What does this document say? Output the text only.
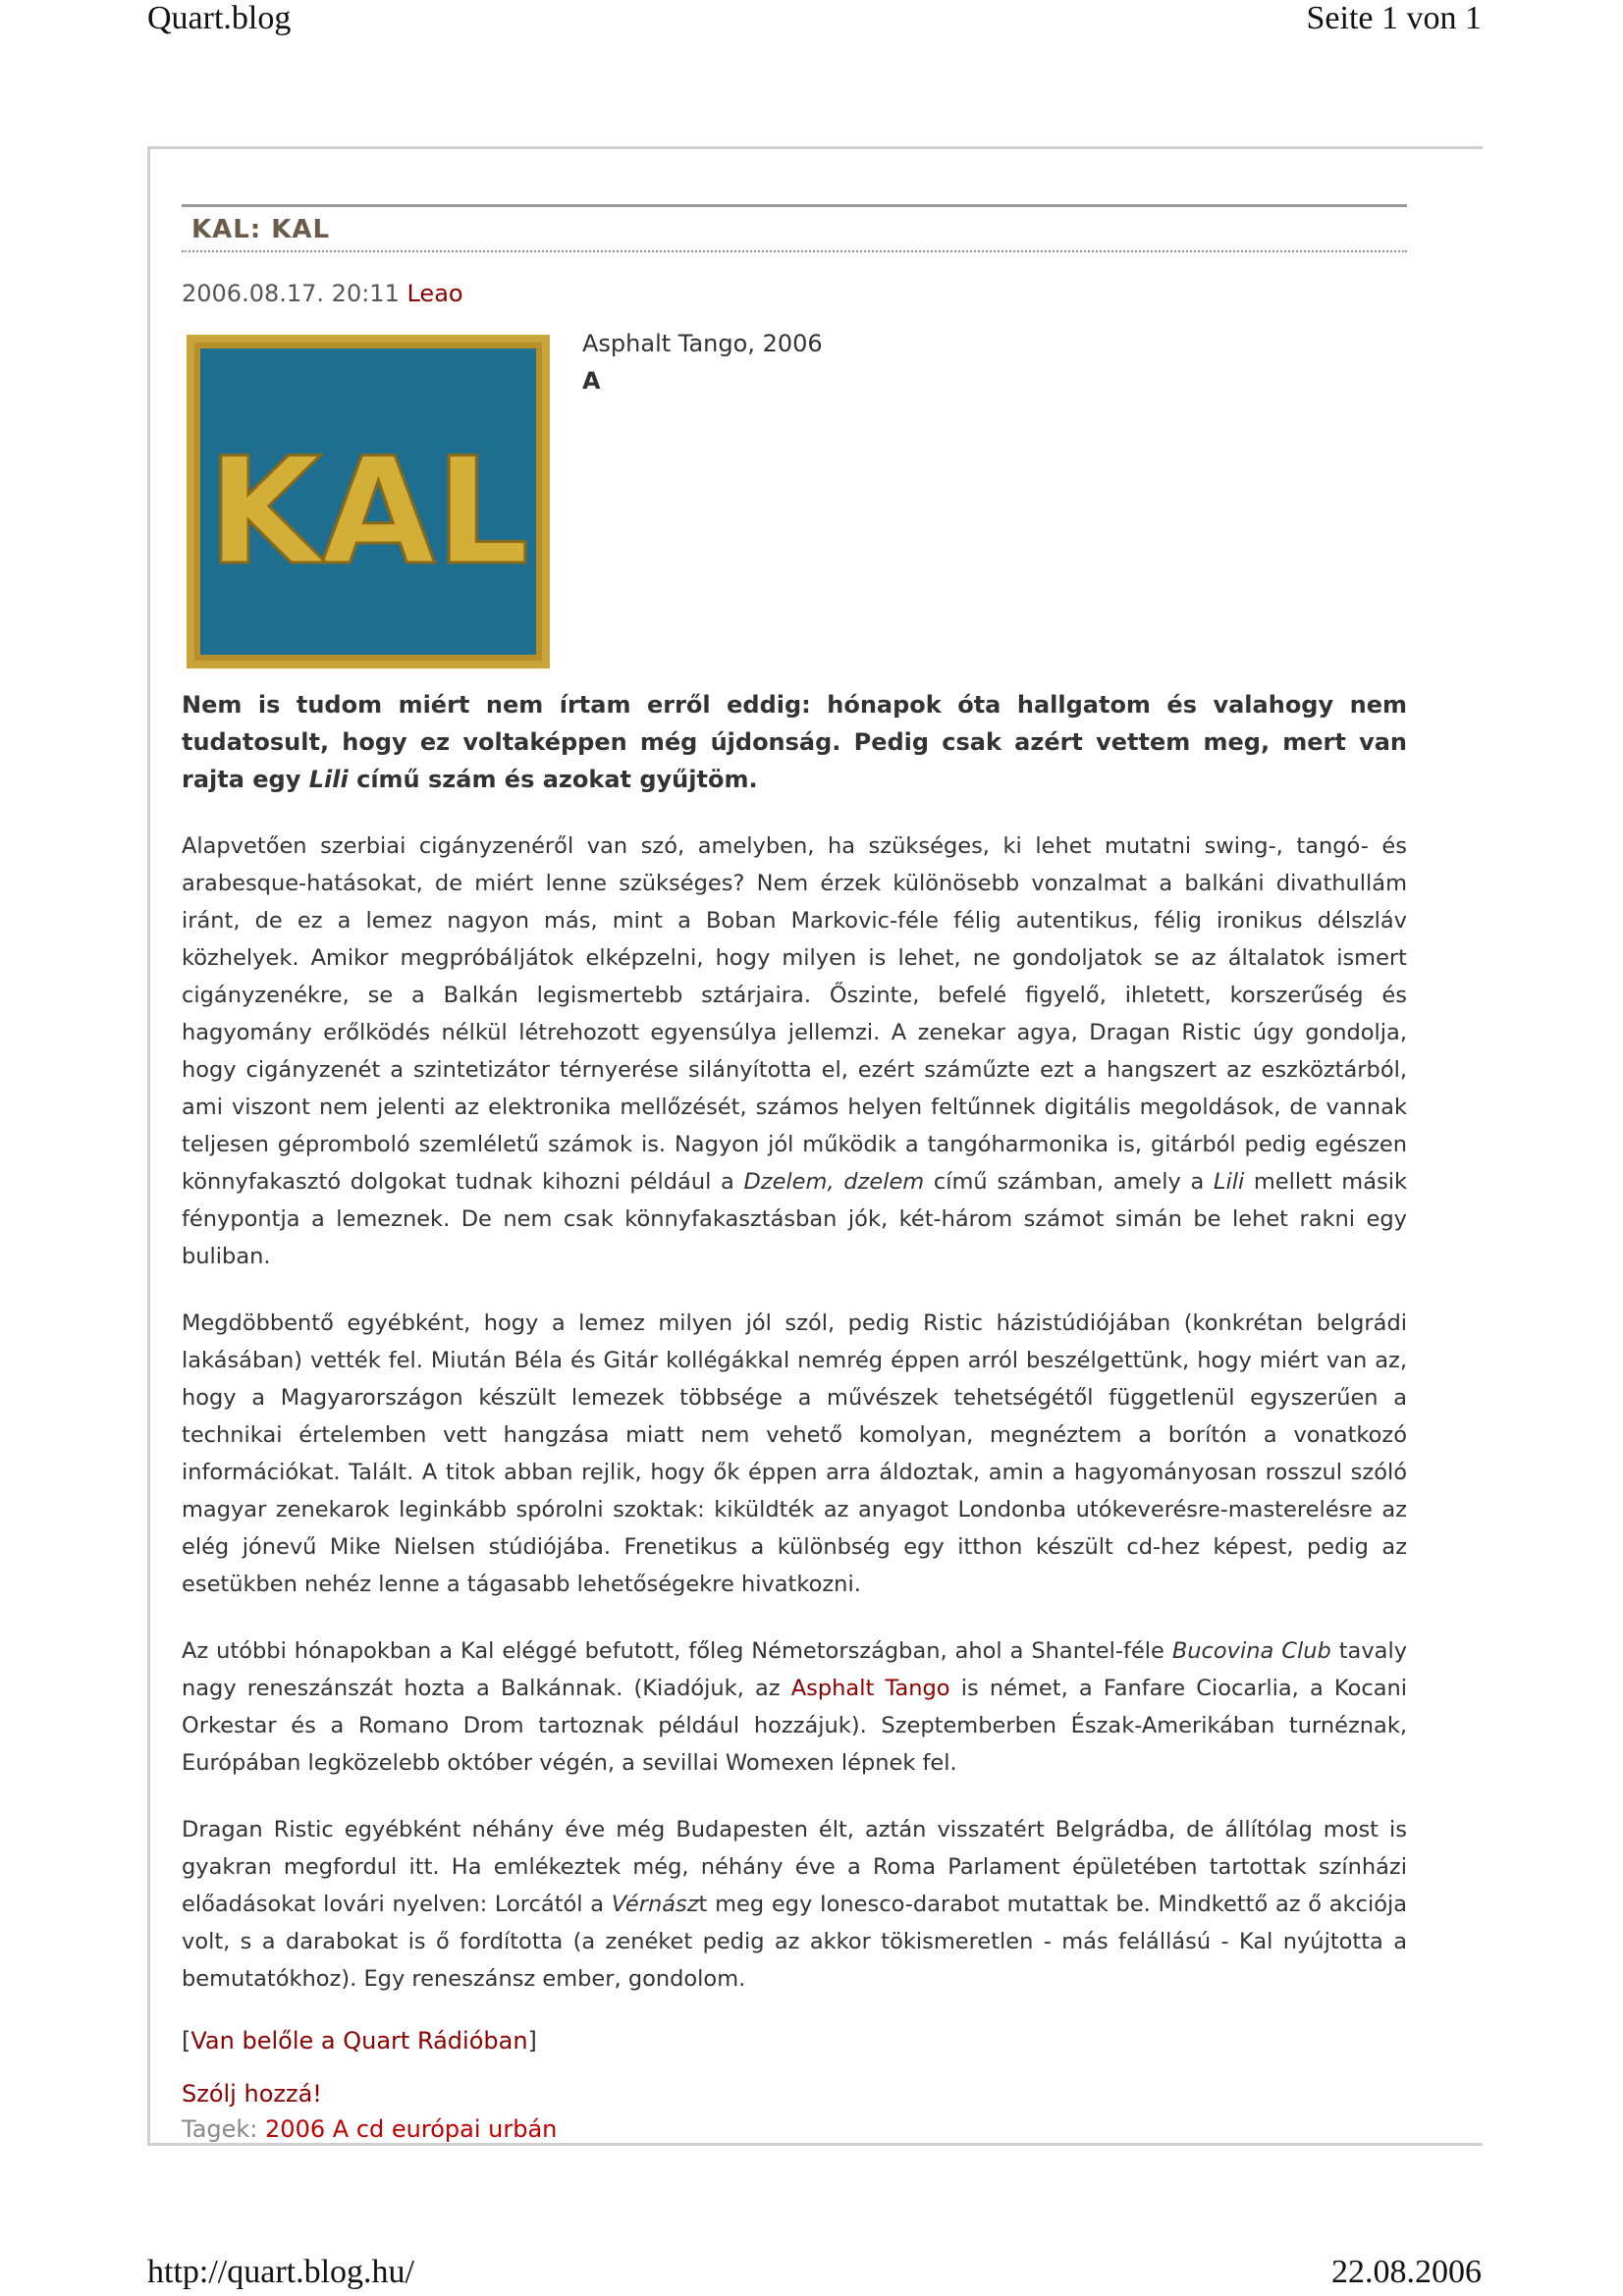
Quart.blog	Seite 1 von 1
KAL: KAL
2006.08.17. 20:11 Leao
KAL
Asphalt Tango, 2006
A
Nem is tudom miért nem írtam erről eddig: hónapok óta hallgatom és valahogy nem tudatosult, hogy ez voltaképpen még újdonság. Pedig csak azért vettem meg, mert van rajta egy Lili című szám és azokat gyűjtöm.
Alapvetően szerbiai cigányzenéről van szó, amelyben, ha szükséges, ki lehet mutatni swing-, tangó- és arabesque-hatásokat, de miért lenne szükséges? Nem érzek különösebb vonzalmat a balkáni divathullám iránt, de ez a lemez nagyon más, mint a Boban Markovic-féle félig autentikus, félig ironikus délszláv közhelyek. Amikor megpróbáljátok elképzelni, hogy milyen is lehet, ne gondoljatok se az általatok ismert cigányzenékre, se a Balkán legismertebb sztárjaira. Őszinte, befelé figyelő, ihletett, korszerűség és hagyomány erőlködés nélkül létrehozott egyensúlya jellemzi. A zenekar agya, Dragan Ristic úgy gondolja, hogy cigányzenét a szintetizátor térnyerése silányította el, ezért száműzte ezt a hangszert az eszköztárból, ami viszont nem jelenti az elektronika mellőzését, számos helyen feltűnnek digitális megoldások, de vannak teljesen gépromboló szemléletű számok is. Nagyon jól működik a tangóharmonika is, gitárból pedig egészen könnyfakasztó dolgokat tudnak kihozni például a Dzelem, dzelem című számban, amely a Lili mellett másik fénypontja a lemeznek. De nem csak könnyfakasztásban jók, két-három számot simán be lehet rakni egy buliban.
Megdöbbentő egyébként, hogy a lemez milyen jól szól, pedig Ristic házistúdiójában (konkrétan belgrádi lakásában) vették fel. Miután Béla és Gitár kollégákkal nemrég éppen arról beszélgettünk, hogy miért van az, hogy a Magyarországon készült lemezek többsége a művészek tehetségétől függetlenül egyszerűen a technikai értelemben vett hangzása miatt nem vehető komolyan, megnéztem a borítón a vonatkozó információkat. Talált. A titok abban rejlik, hogy ők éppen arra áldoztak, amin a hagyományosan rosszul szóló magyar zenekarok leginkább spórolni szoktak: kiküldték az anyagot Londonba utókeverésre-masterelésre az elég jónevű Mike Nielsen stúdiójába. Frenetikus a különbség egy itthon készült cd-hez képest, pedig az esetükben nehéz lenne a tágasabb lehetőségekre hivatkozni.
Az utóbbi hónapokban a Kal eléggé befutott, főleg Németországban, ahol a Shantel-féle Bucovina Club tavaly nagy reneszánszát hozta a Balkánnak. (Kiadójuk, az Asphalt Tango is német, a Fanfare Ciocarlia, a Kocani Orkestar és a Romano Drom tartoznak például hozzájuk). Szeptemberben Észak-Amerikában turnéznak, Európában legközelebb október végén, a sevillai Womexen lépnek fel.
Dragan Ristic egyébként néhány éve még Budapesten élt, aztán visszatért Belgrádba, de állítólag most is gyakran megfordul itt. Ha emlékeztek még, néhány éve a Roma Parlament épületében tartottak színházi előadásokat lovári nyelven: Lorcától a Vérnászt meg egy Ionesco-darabot mutattak be. Mindkettő az ő akciója volt, s a darabokat is ő fordította (a zenéket pedig az akkor tökismeretlen - más felállású - Kal nyújtotta a bemutatókhoz). Egy reneszánsz ember, gondolom.
[Van belőle a Quart Rádióban]
Szólj hozzá!
Tagek: 2006 A cd európai urbán
http://quart.blog.hu/	22.08.2006
